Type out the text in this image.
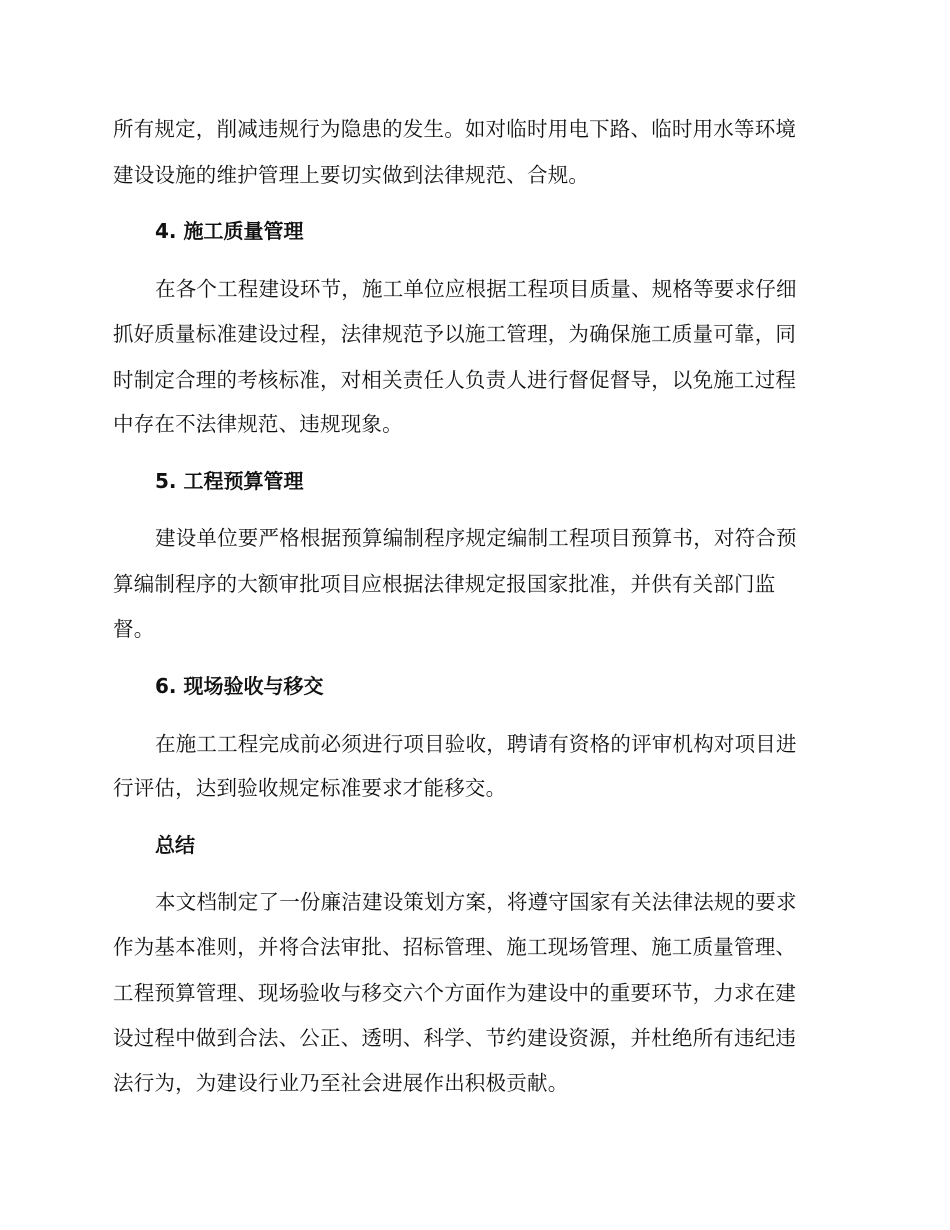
所有规定，削减违规行为隐患的发生。如对临时用电下路、临时用水等环境
建设设施的维护管理上要切实做到法律规范、合规。
4. 施工质量管理
在各个工程建设环节，施工单位应根据工程项目质量、规格等要求仔细
抓好质量标准建设过程，法律规范予以施工管理，为确保施工质量可靠，同
时制定合理的考核标准，对相关责任人负责人进行督促督导，以免施工过程
中存在不法律规范、违规现象。
5. 工程预算管理
建设单位要严格根据预算编制程序规定编制工程项目预算书，对符合预
算编制程序的大额审批项目应根据法律规定报国家批准，并供有关部门监
督。
6. 现场验收与移交
在施工工程完成前必须进行项目验收，聘请有资格的评审机构对项目进
行评估，达到验收规定标准要求才能移交。
总结
本文档制定了一份廉洁建设策划方案，将遵守国家有关法律法规的要求
作为基本准则，并将合法审批、招标管理、施工现场管理、施工质量管理、
工程预算管理、现场验收与移交六个方面作为建设中的重要环节，力求在建
设过程中做到合法、公正、透明、科学、节约建设资源，并杜绝所有违纪违
法行为，为建设行业乃至社会进展作出积极贡献。
